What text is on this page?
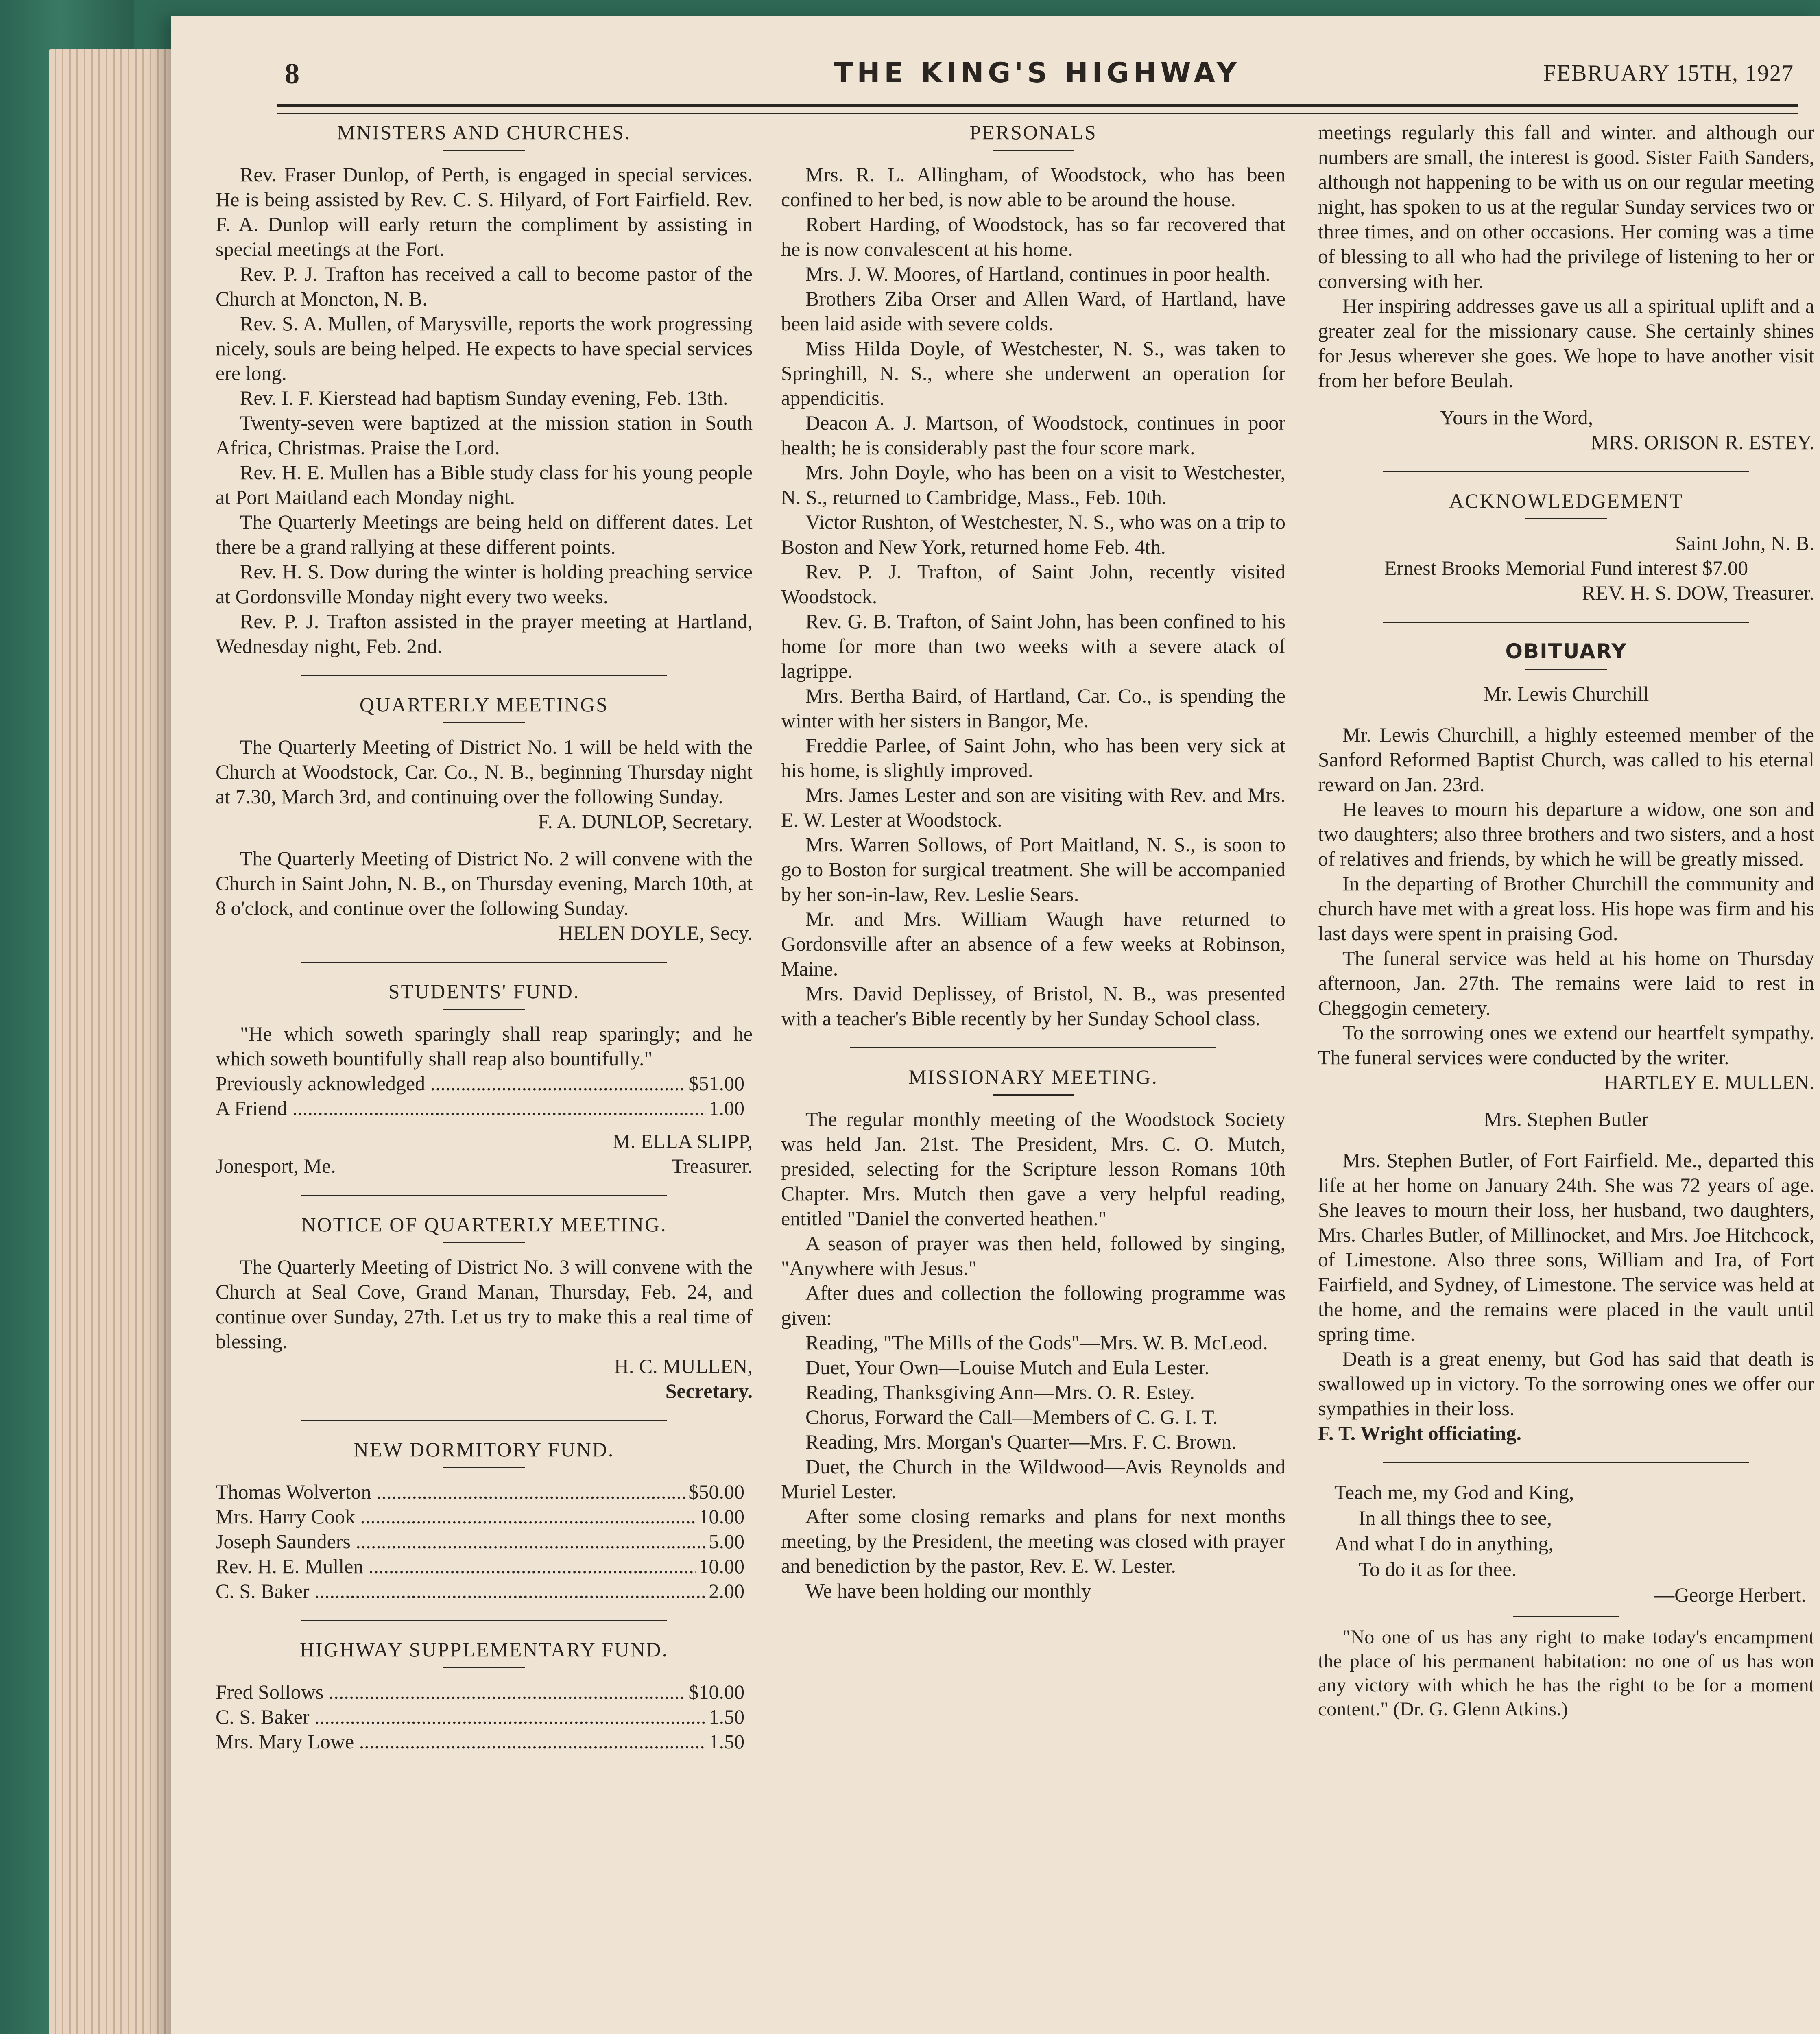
8	THE KING'S HIGHWAY	FEBRUARY 15TH, 1927
MNISTERS AND CHURCHES.

Rev. Fraser Dunlop, of Perth, is engaged in special services. He is being assisted by Rev. C. S. Hilyard, of Fort Fairfield. Rev. F. A. Dunlop will early return the compliment by assisting in special meetings at the Fort.

Rev. P. J. Trafton has received a call to become pastor of the Church at Moncton, N. B.

Rev. S. A. Mullen, of Marysville, reports the work progressing nicely, souls are being helped. He expects to have special services ere long.

Rev. I. F. Kierstead had baptism Sunday evening, Feb. 13th.

Twenty-seven were baptized at the mission station in South Africa, Christmas. Praise the Lord.

Rev. H. E. Mullen has a Bible study class for his young people at Port Maitland each Monday night.

The Quarterly Meetings are being held on different dates. Let there be a grand rallying at these different points.

Rev. H. S. Dow during the winter is holding preaching service at Gordonsville Monday night every two weeks.

Rev. P. J. Trafton assisted in the prayer meeting at Hartland, Wednesday night, Feb. 2nd.

QUARTERLY MEETINGS

The Quarterly Meeting of District No. 1 will be held with the Church at Woodstock, Car. Co., N. B., beginning Thursday night at 7.30, March 3rd, and continuing over the following Sunday.

F. A. DUNLOP, Secretary.

The Quarterly Meeting of District No. 2 will convene with the Church in Saint John, N. B., on Thursday evening, March 10th, at 8 o'clock, and continue over the following Sunday.

HELEN DOYLE, Secy.
STUDENTS' FUND.

"He which soweth sparingly shall reap sparingly; and he which soweth bountifully shall reap also bountifully."

Previously acknowledged .....	$51.00
A Friend .....	1.00
M. ELLA SLIPP,
Jonesport, Me.	Treasurer.
NOTICE OF QUARTERLY MEETING.

The Quarterly Meeting of District No. 3 will convene with the Church at Seal Cove, Grand Manan, Thursday, Feb. 24, and continue over Sunday, 27th. Let us try to make this a real time of blessing.

H. C. MULLEN,
Secretary.
NEW DORMITORY FUND.
Thomas Wolverton .....	$50.00
Mrs. Harry Cook .....	10.00
Joseph Saunders .....	5.00
Rev. H. E. Mullen .....	10.00
C. S. Baker .....	2.00
HIGHWAY SUPPLEMENTARY FUND.
Fred Sollows .....	$10.00
C. S. Baker .....	1.50
Mrs. Mary Lowe .....	1.50
PERSONALS

Mrs. R. L. Allingham, of Woodstock, who has been confined to her bed, is now able to be around the house.

Robert Harding, of Woodstock, has so far recovered that he is now convalescent at his home.

Mrs. J. W. Moores, of Hartland, continues in poor health.

Brothers Ziba Orser and Allen Ward, of Hartland, have been laid aside with severe colds.

Miss Hilda Doyle, of Westchester, N. S., was taken to Springhill, N. S., where she underwent an operation for appendicitis.

Deacon A. J. Martson, of Woodstock, continues in poor health; he is considerably past the four score mark.

Mrs. John Doyle, who has been on a visit to Westchester, N. S., returned to Cambridge, Mass., Feb. 10th.

Victor Rushton, of Westchester, N. S., who was on a trip to Boston and New York, returned home Feb. 4th.

Rev. P. J. Trafton, of Saint John, recently visited Woodstock.

Rev. G. B. Trafton, of Saint John, has been confined to his home for more than two weeks with a severe atack of lagrippe.

Mrs. Bertha Baird, of Hartland, Car. Co., is spending the winter with her sisters in Bangor, Me.

Freddie Parlee, of Saint John, who has been very sick at his home, is slightly improved.

Mrs. James Lester and son are visiting with Rev. and Mrs. E. W. Lester at Woodstock.

Mrs. Warren Sollows, of Port Maitland, N. S., is soon to go to Boston for surgical treatment. She will be accompanied by her son-in-law, Rev. Leslie Sears.

Mr. and Mrs. William Waugh have returned to Gordonsville after an absence of a few weeks at Robinson, Maine.

Mrs. David Deplissey, of Bristol, N. B., was presented with a teacher's Bible recently by her Sunday School class.

MISSIONARY MEETING.

The regular monthly meeting of the Woodstock Society was held Jan. 21st. The President, Mrs. C. O. Mutch, presided, selecting for the Scripture lesson Romans 10th Chapter. Mrs. Mutch then gave a very helpful reading, entitled "Daniel the converted heathen."

A season of prayer was then held, followed by singing, "Anywhere with Jesus."

After dues and collection the following programme was given:

Reading, "The Mills of the Gods"—Mrs. W. B. McLeod.

Duet, Your Own—Louise Mutch and Eula Lester.

Reading, Thanksgiving Ann—Mrs. O. R. Estey.

Chorus, Forward the Call—Members of C. G. I. T.

Reading, Mrs. Morgan's Quarter—Mrs. F. C. Brown.

Duet, the Church in the Wildwood—Avis Reynolds and Muriel Lester.

After some closing remarks and plans for next months meeting, by the President, the meeting was closed with prayer and benediction by the pastor, Rev. E. W. Lester.

We have been holding our monthly

meetings regularly this fall and winter. and although our numbers are small, the interest is good. Sister Faith Sanders, although not happening to be with us on our regular meeting night, has spoken to us at the regular Sunday services two or three times, and on other occasions. Her coming was a time of blessing to all who had the privilege of listening to her or conversing with her.

Her inspiring addresses gave us all a spiritual uplift and a greater zeal for the missionary cause. She certainly shines for Jesus wherever she goes. We hope to have another visit from her before Beulah.

Yours in the Word,
MRS. ORISON R. ESTEY.
ACKNOWLEDGEMENT
Saint John, N. B.
Ernest Brooks Memorial Fund interest $7.00
REV. H. S. DOW, Treasurer.
OBITUARY
Mr. Lewis Churchill

Mr. Lewis Churchill, a highly esteemed member of the Sanford Reformed Baptist Church, was called to his eternal reward on Jan. 23rd.

He leaves to mourn his departure a widow, one son and two daughters; also three brothers and two sisters, and a host of relatives and friends, by which he will be greatly missed.

In the departing of Brother Churchill the community and church have met with a great loss. His hope was firm and his last days were spent in praising God.

The funeral service was held at his home on Thursday afternoon, Jan. 27th. The remains were laid to rest in Cheggogin cemetery.

To the sorrowing ones we extend our heartfelt sympathy. The funeral services were conducted by the writer.

HARTLEY E. MULLEN.
Mrs. Stephen Butler

Mrs. Stephen Butler, of Fort Fairfield. Me., departed this life at her home on January 24th. She was 72 years of age. She leaves to mourn their loss, her husband, two daughters, Mrs. Charles Butler, of Millinocket, and Mrs. Joe Hitchcock, of Limestone. Also three sons, William and Ira, of Fort Fairfield, and Sydney, of Limestone. The service was held at the home, and the remains were placed in the vault until spring time.

Death is a great enemy, but God has said that death is swallowed up in victory. To the sorrowing ones we offer our sympathies in their loss.

F. T. Wright officiating.
Teach me, my God and King,
In all things thee to see,
And what I do in anything,
To do it as for thee.
—George Herbert.
"No one of us has any right to make today's encampment the place of his permanent habitation: no one of us has won any victory with which he has the right to be for a moment content." (Dr. G. Glenn Atkins.)
